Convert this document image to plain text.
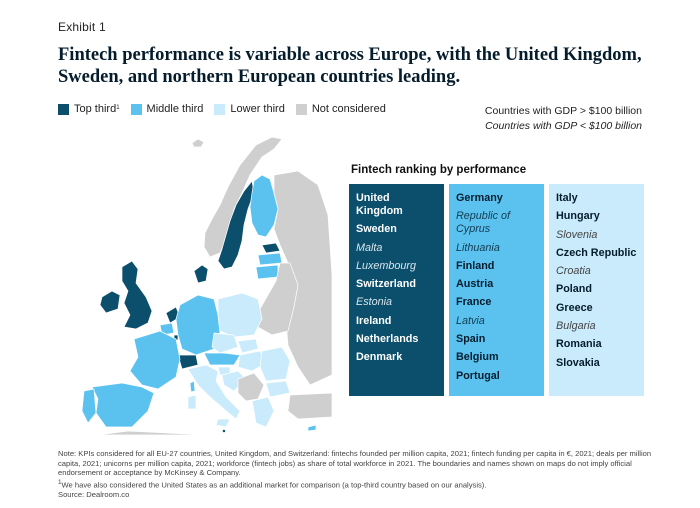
Exhibit 1
Fintech performance is variable across Europe, with the United Kingdom, Sweden, and northern European countries leading.
Top third$^1$ Middle third Lower third Not considered	Countries with GDP > $100 billion
Countries with GDP < $100 billion
Fintech ranking by performance
United Kingdom
Sweden
Malta
Luxembourg
Switzerland
Estonia
Ireland
Netherlands
Denmark
Germany
Republic of Cyprus
Lithuania
Finland
Austria
France
Latvia
Spain
Belgium
Portugal
Italy
Hungary
Slovenia
Czech Republic
Croatia
Poland
Greece
Bulgaria
Romania
Slovakia
Note: KPIs considered for all EU-27 countries, United Kingdom, and Switzerland: fintechs founded per million capita, 2021; fintech funding per capita in €, 2021; deals per million capita, 2021; unicorns per million capita, 2021; workforce (fintech jobs) as share of total workforce in 2021. The boundaries and names shown on maps do not imply official endorsement or acceptance by McKinsey & Company.
$^1$We have also considered the United States as an additional market for comparison (a top-third country based on our analysis).
Source: Dealroom.co
